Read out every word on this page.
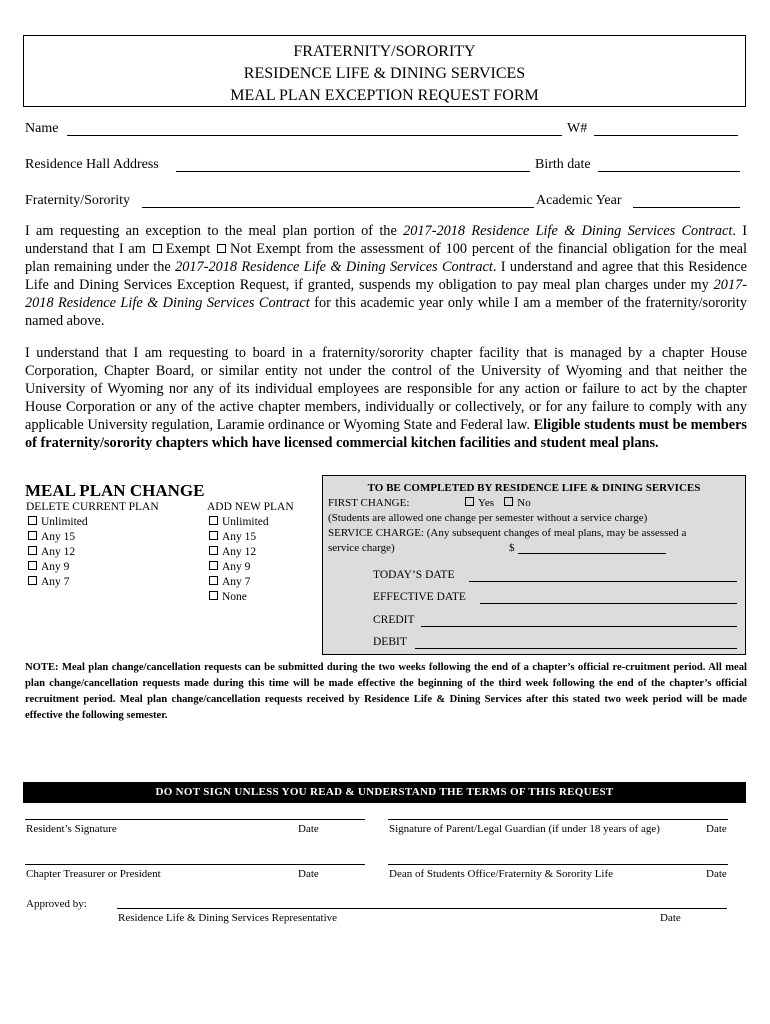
FRATERNITY/SORORITY
RESIDENCE LIFE & DINING SERVICES
MEAL PLAN EXCEPTION REQUEST FORM
Name	W#
Residence Hall Address	Birth date
Fraternity/Sorority	Academic Year
I am requesting an exception to the meal plan portion of the 2017-2018 Residence Life & Dining Services Contract. I understand that I am Exempt Not Exempt from the assessment of 100 percent of the financial obligation for the meal plan remaining under the 2017-2018 Residence Life & Dining Services Contract. I understand and agree that this Residence Life and Dining Services Exception Request, if granted, suspends my obligation to pay meal plan charges under my 2017-2018 Residence Life & Dining Services Contract for this academic year only while I am a member of the fraternity/sorority named above.
I understand that I am requesting to board in a fraternity/sorority chapter facility that is managed by a chapter House Corporation, Chapter Board, or similar entity not under the control of the University of Wyoming and that neither the University of Wyoming nor any of its individual employees are responsible for any action or failure to act by the chapter House Corporation or any of the active chapter members, individually or collectively, or for any failure to comply with any applicable University regulation, Laramie ordinance or Wyoming State and Federal law. Eligible students must be members of fraternity/sorority chapters which have licensed commercial kitchen facilities and student meal plans.
MEAL PLAN CHANGE
DELETE CURRENT PLAN
Unlimited
Any 15
Any 12
Any 9
Any 7
ADD NEW PLAN
Unlimited
Any 15
Any 12
Any 9
Any 7
None
TO BE COMPLETED BY RESIDENCE LIFE & DINING SERVICES
FIRST CHANGE:	Yes No
(Students are allowed one change per semester without a service charge)
SERVICE CHARGE: (Any subsequent changes of meal plans, may be assessed a
service charge)	$
TODAY’S DATE
EFFECTIVE DATE
CREDIT
DEBIT
NOTE: Meal plan change/cancellation requests can be submitted during the two weeks following the end of a chapter’s official re-cruitment period. All meal plan change/cancellation requests made during this time will be made effective the beginning of the third week following the end of the chapter’s official recruitment period. Meal plan change/cancellation requests received by Residence Life & Dining Services after this stated two week period will be made effective the following semester.
DO NOT SIGN UNLESS YOU READ & UNDERSTAND THE TERMS OF THIS REQUEST
Resident’s Signature	Date	Signature of Parent/Legal Guardian (if under 18 years of age)	Date
Chapter Treasurer or President	Date	Dean of Students Office/Fraternity & Sorority Life	Date
Approved by:
Residence Life & Dining Services Representative	Date
